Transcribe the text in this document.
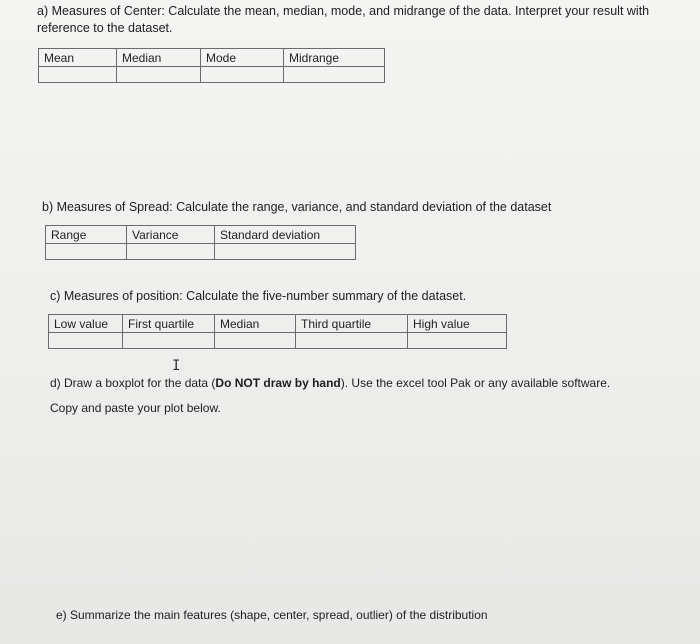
a) Measures of Center: Calculate the mean, median, mode, and midrange of the data. Interpret your result with reference to the dataset.

Mean	Median	Mode	Midrange

b) Measures of Spread: Calculate the range, variance, and standard deviation of the dataset

Range	Variance	Standard deviation

c) Measures of position: Calculate the five-number summary of the dataset.

Low value	First quartile	Median	Third quartile	High value

I

d) Draw a boxplot for the data (Do NOT draw by hand). Use the excel tool Pak or any available software.

Copy and paste your plot below.

e) Summarize the main features (shape, center, spread, outlier) of the distribution
